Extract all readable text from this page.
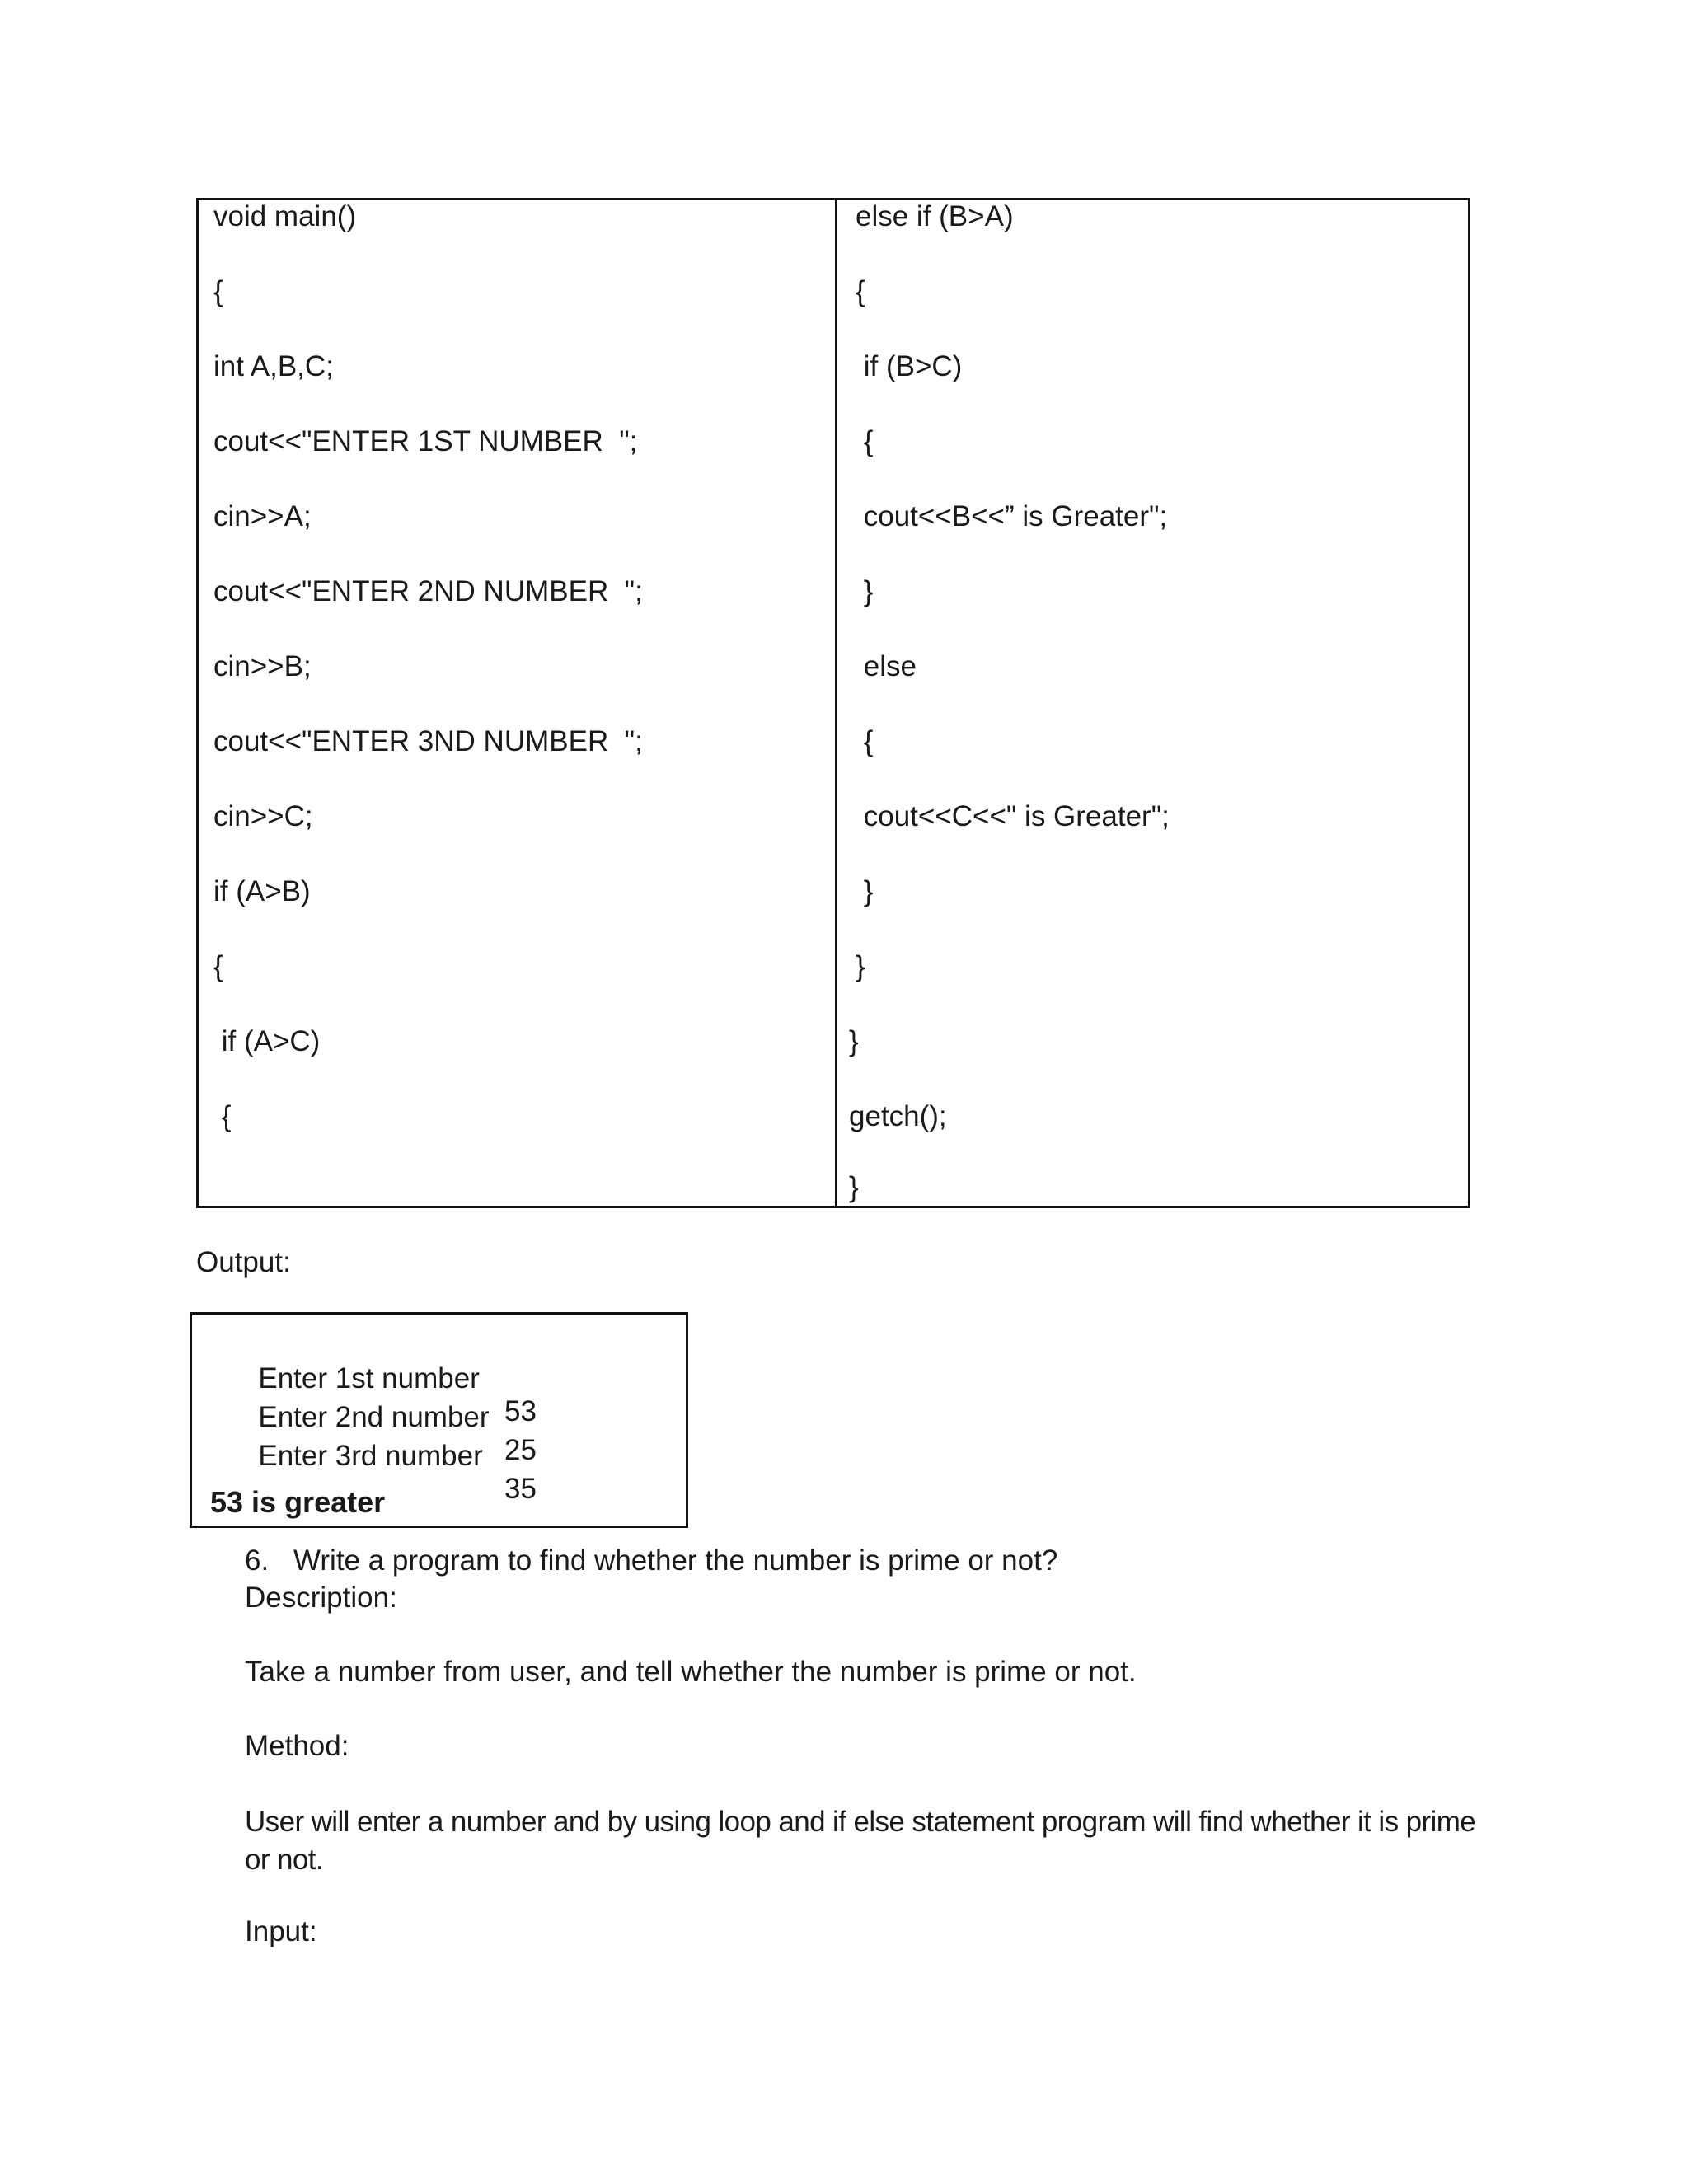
void main()
{
int A,B,C;
cout<<"ENTER 1ST NUMBER  ";
cin>>A;
cout<<"ENTER 2ND NUMBER  ";
cin>>B;
cout<<"ENTER 3ND NUMBER  ";
cin>>C;
if (A>B)
{
if (A>C)
{
else if (B>A)
{
if (B>C)
{
cout<<B<<” is Greater";
}
else
{
cout<<C<<" is Greater";
}
}
}
getch();
}
Output:

Enter 1st number

53

Enter 2nd number

25

Enter 3rd number

35

53 is greater
6. Write a program to find whether the number is prime or not?
Description:
Take a number from user, and tell whether the number is prime or not.
Method:
User will enter a number and by using loop and if else statement program will find whether it is prime or not.
Input:
